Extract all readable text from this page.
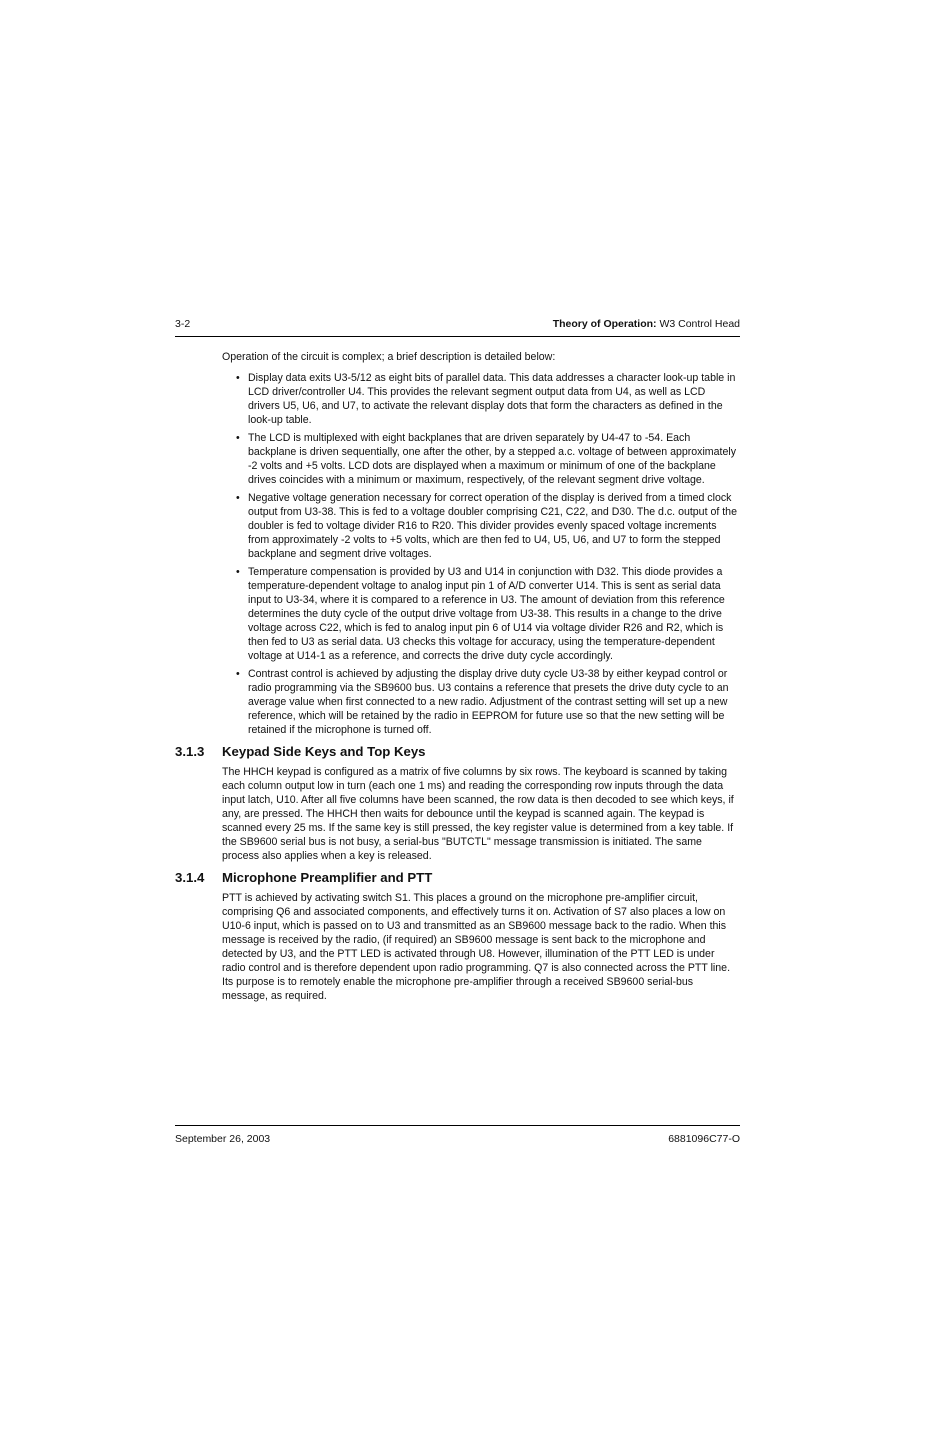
3-2	Theory of Operation: W3 Control Head

Operation of the circuit is complex; a brief description is detailed below:

• Display data exits U3-5/12 as eight bits of parallel data. This data addresses a character look-up table in LCD driver/controller U4. This provides the relevant segment output data from U4, as well as LCD drivers U5, U6, and U7, to activate the relevant display dots that form the characters as defined in the look-up table.
• The LCD is multiplexed with eight backplanes that are driven separately by U4-47 to -54. Each backplane is driven sequentially, one after the other, by a stepped a.c. voltage of between approximately -2 volts and +5 volts. LCD dots are displayed when a maximum or minimum of one of the backplane drives coincides with a minimum or maximum, respectively, of the relevant segment drive voltage.
• Negative voltage generation necessary for correct operation of the display is derived from a timed clock output from U3-38. This is fed to a voltage doubler comprising C21, C22, and D30. The d.c. output of the doubler is fed to voltage divider R16 to R20. This divider provides evenly spaced voltage increments from approximately -2 volts to +5 volts, which are then fed to U4, U5, U6, and U7 to form the stepped backplane and segment drive voltages.
• Temperature compensation is provided by U3 and U14 in conjunction with D32. This diode provides a temperature-dependent voltage to analog input pin 1 of A/D converter U14. This is sent as serial data input to U3-34, where it is compared to a reference in U3. The amount of deviation from this reference determines the duty cycle of the output drive voltage from U3-38. This results in a change to the drive voltage across C22, which is fed to analog input pin 6 of U14 via voltage divider R26 and R2, which is then fed to U3 as serial data. U3 checks this voltage for accuracy, using the temperature-dependent voltage at U14-1 as a reference, and corrects the drive duty cycle accordingly.
• Contrast control is achieved by adjusting the display drive duty cycle U3-38 by either keypad control or radio programming via the SB9600 bus. U3 contains a reference that presets the drive duty cycle to an average value when first connected to a new radio. Adjustment of the contrast setting will set up a new reference, which will be retained by the radio in EEPROM for future use so that the new setting will be retained if the microphone is turned off.
3.1.3 Keypad Side Keys and Top Keys

The HHCH keypad is configured as a matrix of five columns by six rows. The keyboard is scanned by taking each column output low in turn (each one 1 ms) and reading the corresponding row inputs through the data input latch, U10. After all five columns have been scanned, the row data is then decoded to see which keys, if any, are pressed. The HHCH then waits for debounce until the keypad is scanned again. The keypad is scanned every 25 ms. If the same key is still pressed, the key register value is determined from a key table. If the SB9600 serial bus is not busy, a serial-bus "BUTCTL" message transmission is initiated. The same process also applies when a key is released.

3.1.4 Microphone Preamplifier and PTT

PTT is achieved by activating switch S1. This places a ground on the microphone pre-amplifier circuit, comprising Q6 and associated components, and effectively turns it on. Activation of S7 also places a low on U10-6 input, which is passed on to U3 and transmitted as an SB9600 message back to the radio. When this message is received by the radio, (if required) an SB9600 message is sent back to the microphone and detected by U3, and the PTT LED is activated through U8. However, illumination of the PTT LED is under radio control and is therefore dependent upon radio programming. Q7 is also connected across the PTT line. Its purpose is to remotely enable the microphone pre-amplifier through a received SB9600 serial-bus message, as required.

September 26, 2003	6881096C77-O
